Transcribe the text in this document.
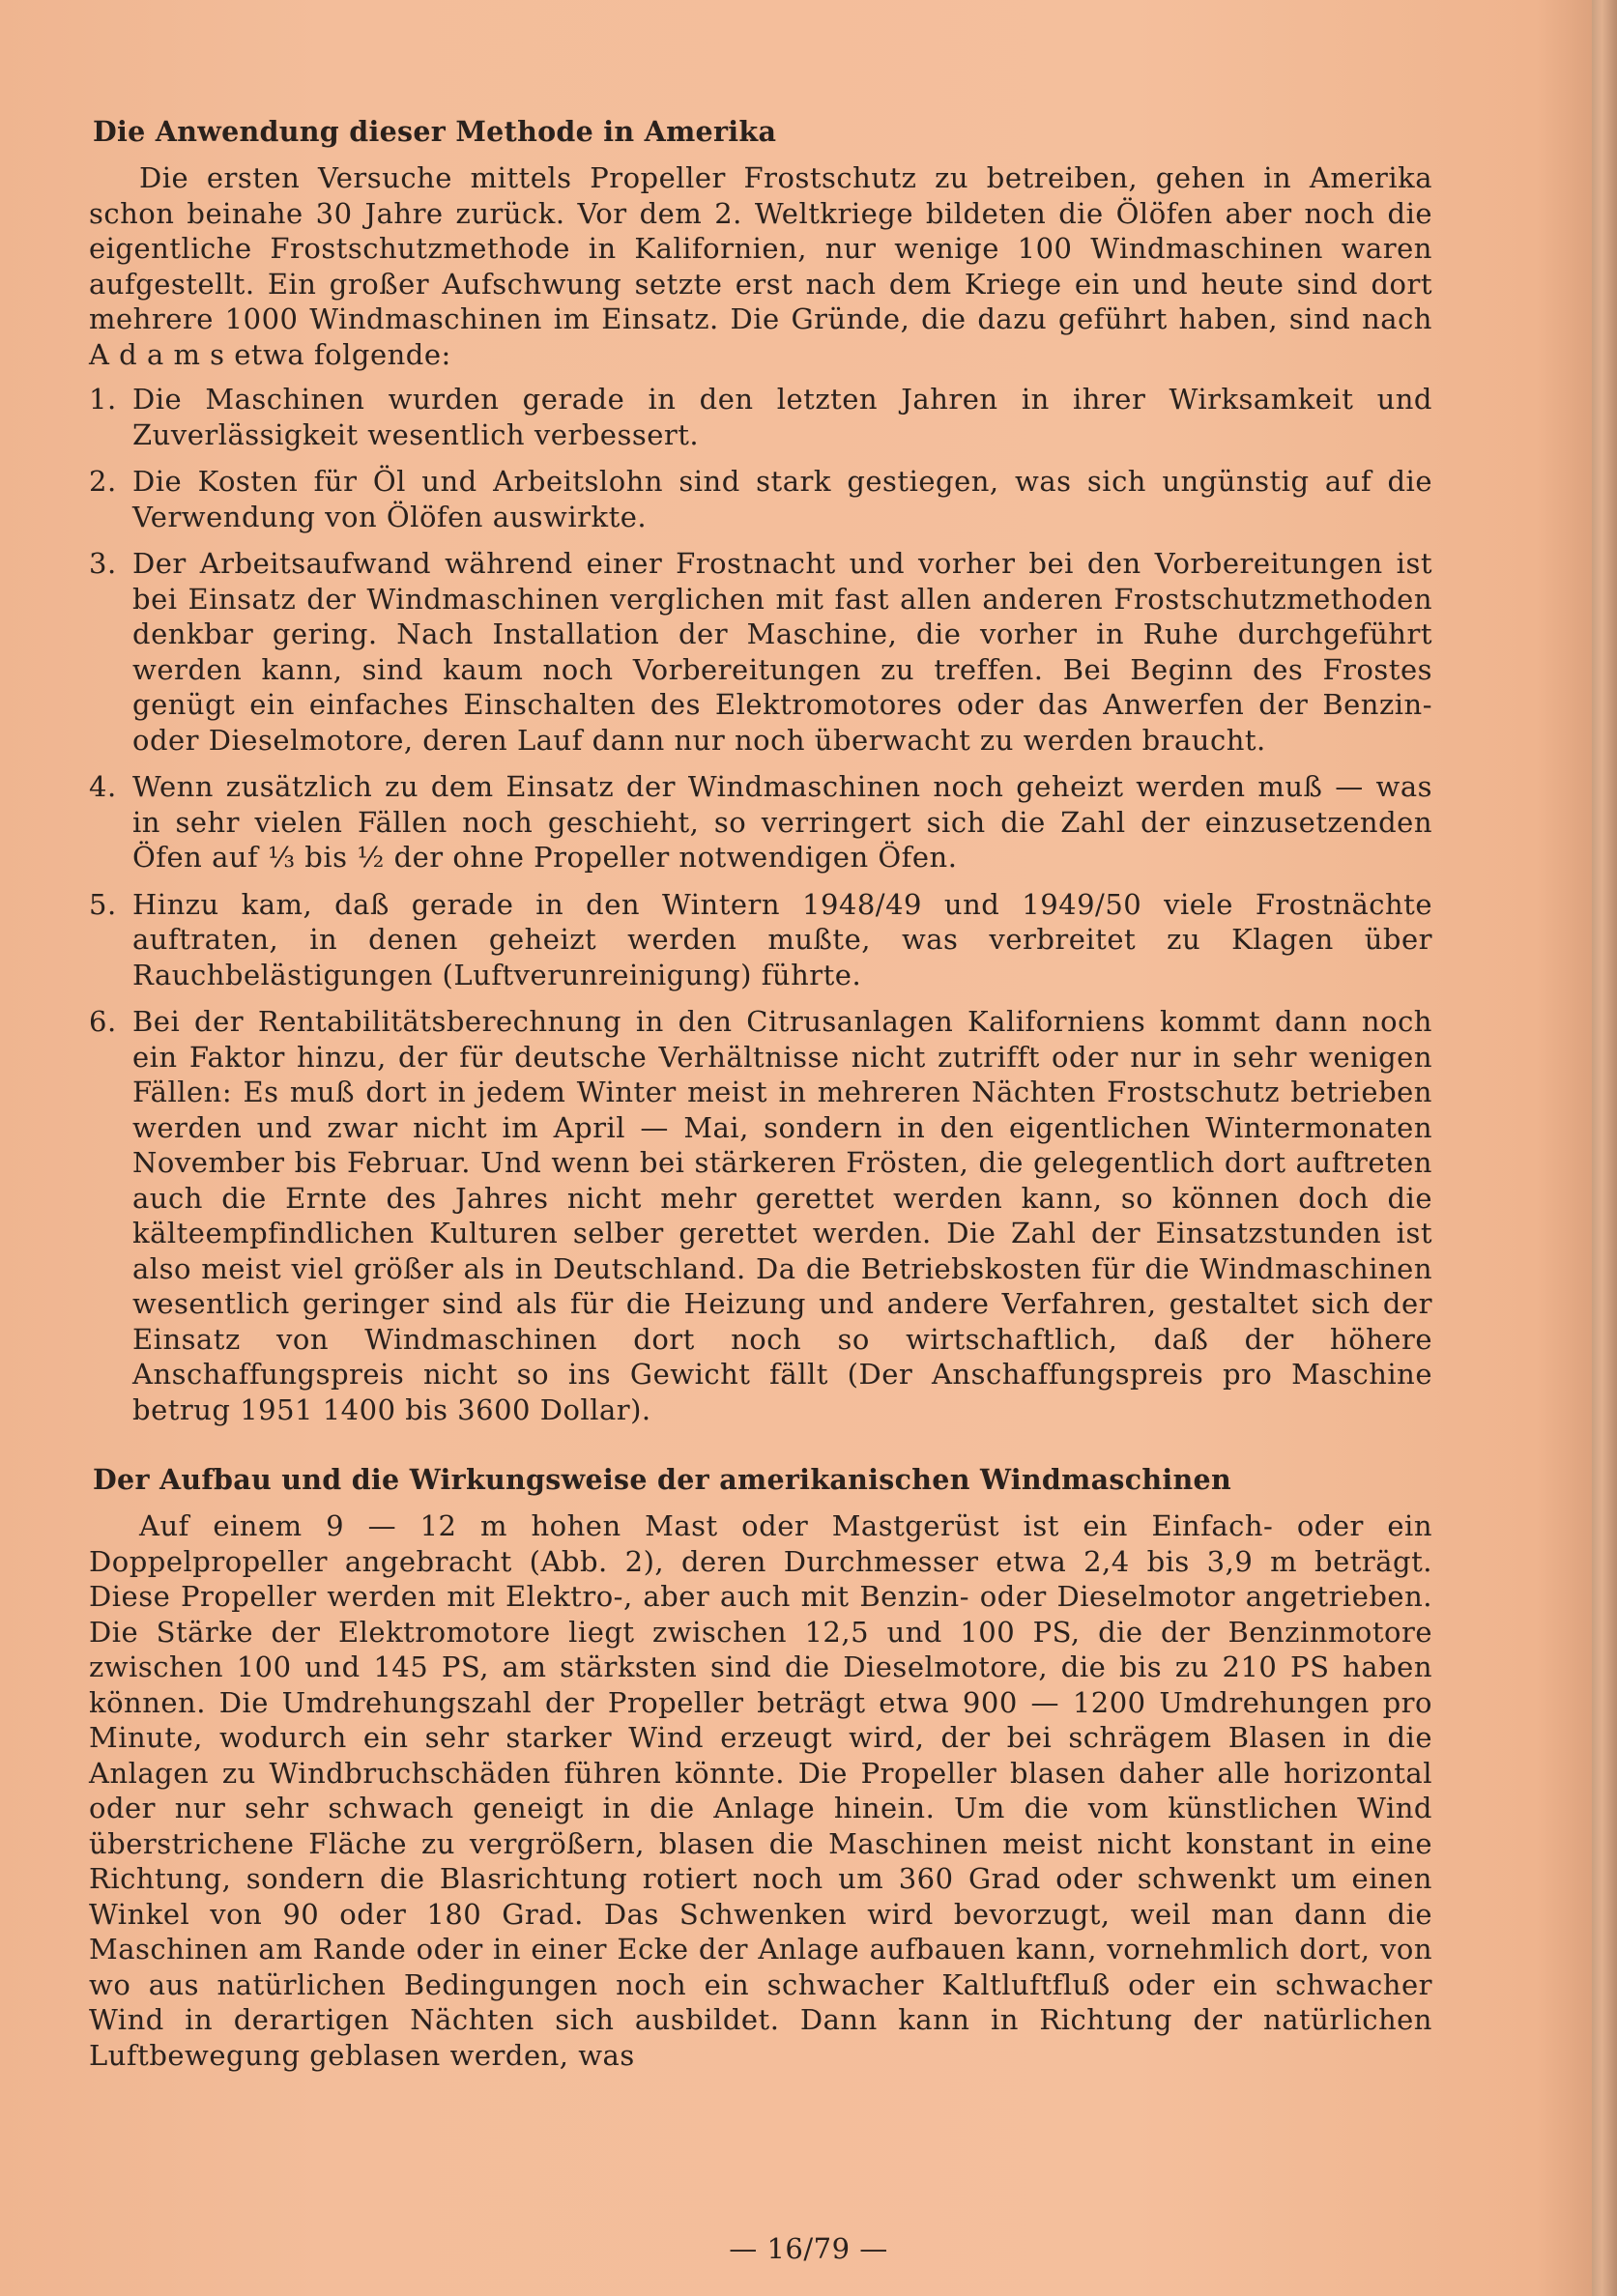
Die Anwendung dieser Methode in Amerika

Die ersten Versuche mittels Propeller Frostschutz zu betreiben, gehen in Amerika schon beinahe 30 Jahre zurück. Vor dem 2. Weltkriege bildeten die Ölöfen aber noch die eigentliche Frostschutzmethode in Kalifornien, nur wenige 100 Windmaschinen waren aufgestellt. Ein großer Aufschwung setzte erst nach dem Kriege ein und heute sind dort mehrere 1000 Windmaschinen im Einsatz. Die Gründe, die dazu geführt haben, sind nach A d a m s etwa folgende:

1. Die Maschinen wurden gerade in den letzten Jahren in ihrer Wirksamkeit und Zuverlässigkeit wesentlich verbessert.
2. Die Kosten für Öl und Arbeitslohn sind stark gestiegen, was sich ungünstig auf die Verwendung von Ölöfen auswirkte.
3. Der Arbeitsaufwand während einer Frostnacht und vorher bei den Vorbereitungen ist bei Einsatz der Windmaschinen verglichen mit fast allen anderen Frostschutzmethoden denkbar gering. Nach Installation der Maschine, die vorher in Ruhe durchgeführt werden kann, sind kaum noch Vorbereitungen zu treffen. Bei Beginn des Frostes genügt ein einfaches Einschalten des Elektromotores oder das Anwerfen der Benzin- oder Dieselmotore, deren Lauf dann nur noch überwacht zu werden braucht.
4. Wenn zusätzlich zu dem Einsatz der Windmaschinen noch geheizt werden muß — was in sehr vielen Fällen noch geschieht, so verringert sich die Zahl der einzusetzenden Öfen auf ⅓ bis ½ der ohne Propeller notwendigen Öfen.
5. Hinzu kam, daß gerade in den Wintern 1948/49 und 1949/50 viele Frostnächte auftraten, in denen geheizt werden mußte, was verbreitet zu Klagen über Rauchbelästigungen (Luftverunreinigung) führte.
6. Bei der Rentabilitätsberechnung in den Citrusanlagen Kaliforniens kommt dann noch ein Faktor hinzu, der für deutsche Verhältnisse nicht zutrifft oder nur in sehr wenigen Fällen: Es muß dort in jedem Winter meist in mehreren Nächten Frostschutz betrieben werden und zwar nicht im April — Mai, sondern in den eigentlichen Wintermonaten November bis Februar. Und wenn bei stärkeren Frösten, die gelegentlich dort auftreten auch die Ernte des Jahres nicht mehr gerettet werden kann, so können doch die kälteempfindlichen Kulturen selber gerettet werden. Die Zahl der Einsatzstunden ist also meist viel größer als in Deutschland. Da die Betriebskosten für die Windmaschinen wesentlich geringer sind als für die Heizung und andere Verfahren, gestaltet sich der Einsatz von Windmaschinen dort noch so wirtschaftlich, daß der höhere Anschaffungspreis nicht so ins Gewicht fällt (Der Anschaffungspreis pro Maschine betrug 1951 1400 bis 3600 Dollar).
Der Aufbau und die Wirkungsweise der amerikanischen Windmaschinen

Auf einem 9 — 12 m hohen Mast oder Mastgerüst ist ein Einfach- oder ein Doppelpropeller angebracht (Abb. 2), deren Durchmesser etwa 2,4 bis 3,9 m beträgt. Diese Propeller werden mit Elektro-, aber auch mit Benzin- oder Dieselmotor angetrieben. Die Stärke der Elektromotore liegt zwischen 12,5 und 100 PS, die der Benzinmotore zwischen 100 und 145 PS, am stärksten sind die Dieselmotore, die bis zu 210 PS haben können. Die Umdrehungszahl der Propeller beträgt etwa 900 — 1200 Umdrehungen pro Minute, wodurch ein sehr starker Wind erzeugt wird, der bei schrägem Blasen in die Anlagen zu Windbruchschäden führen könnte. Die Propeller blasen daher alle horizontal oder nur sehr schwach geneigt in die Anlage hinein. Um die vom künstlichen Wind überstrichene Fläche zu vergrößern, blasen die Maschinen meist nicht konstant in eine Richtung, sondern die Blasrichtung rotiert noch um 360 Grad oder schwenkt um einen Winkel von 90 oder 180 Grad. Das Schwenken wird bevorzugt, weil man dann die Maschinen am Rande oder in einer Ecke der Anlage aufbauen kann, vornehmlich dort, von wo aus natürlichen Bedingungen noch ein schwacher Kaltluftfluß oder ein schwacher Wind in derartigen Nächten sich ausbildet. Dann kann in Richtung der natürlichen Luftbewegung geblasen werden, was

— 16/79 —
